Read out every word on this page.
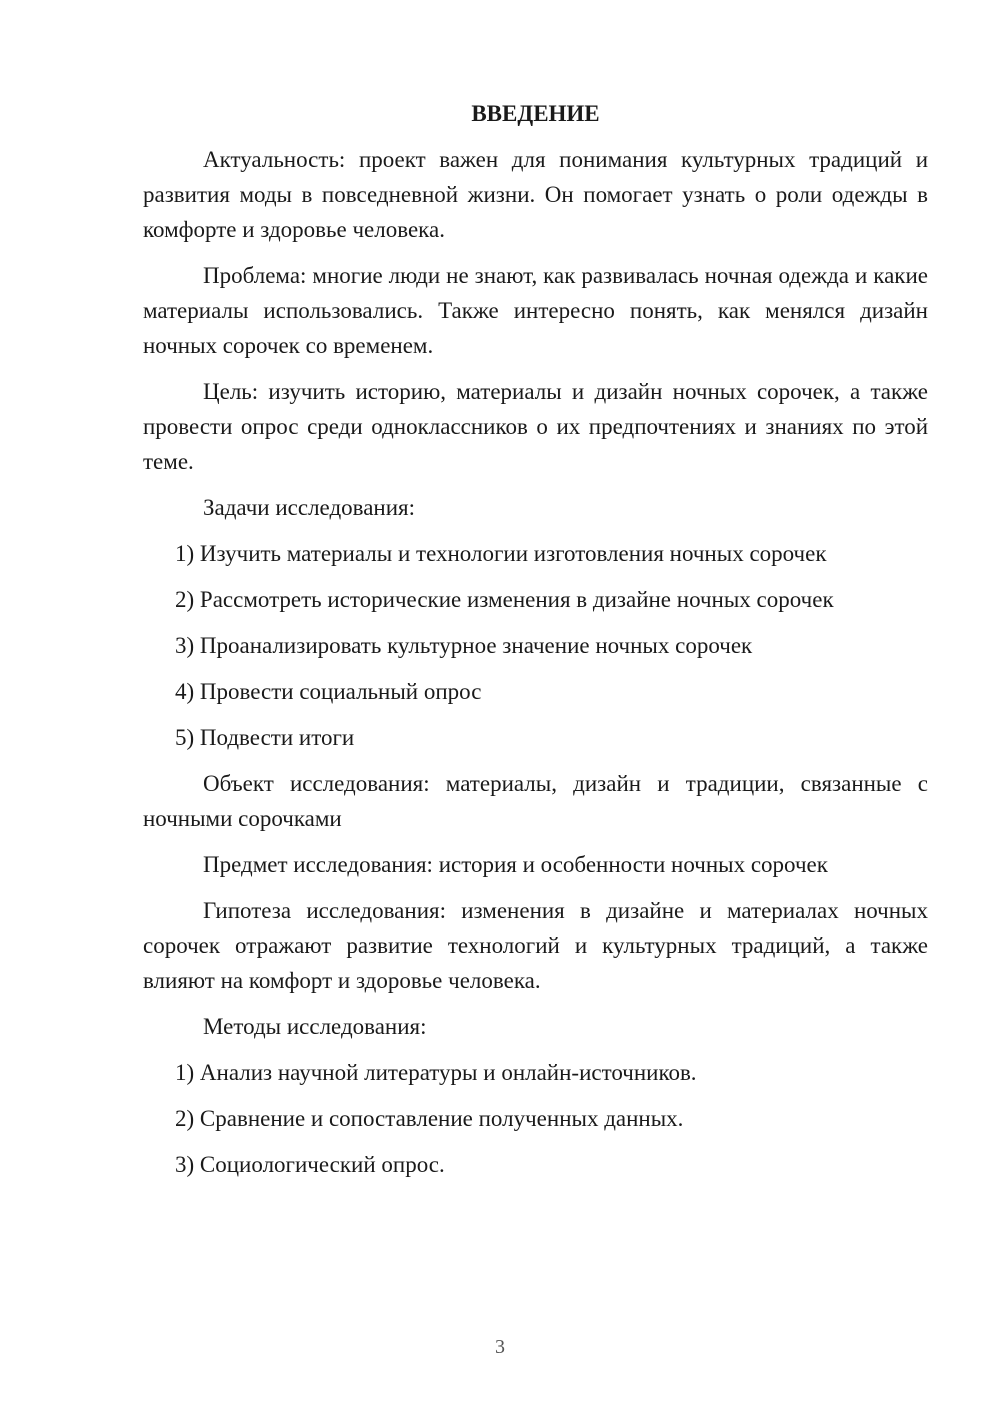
ВВЕДЕНИЕ

Актуальность: проект важен для понимания культурных традиций и развития моды в повседневной жизни. Он помогает узнать о роли одежды в комфорте и здоровье человека.

Проблема: многие люди не знают, как развивалась ночная одежда и какие материалы использовались. Также интересно понять, как менялся дизайн ночных сорочек со временем.

Цель: изучить историю, материалы и дизайн ночных сорочек, а также провести опрос среди одноклассников о их предпочтениях и знаниях по этой теме.

Задачи исследования:

1) Изучить материалы и технологии изготовления ночных сорочек

2) Рассмотреть исторические изменения в дизайне ночных сорочек

3) Проанализировать культурное значение ночных сорочек

4) Провести социальный опрос

5) Подвести итоги

Объект исследования: материалы, дизайн и традиции, связанные с ночными сорочками

Предмет исследования: история и особенности ночных сорочек

Гипотеза исследования: изменения в дизайне и материалах ночных сорочек отражают развитие технологий и культурных традиций, а также влияют на комфорт и здоровье человека.

Методы исследования:

1) Анализ научной литературы и онлайн-источников.

2) Сравнение и сопоставление полученных данных.

3) Социологический опрос.

3
